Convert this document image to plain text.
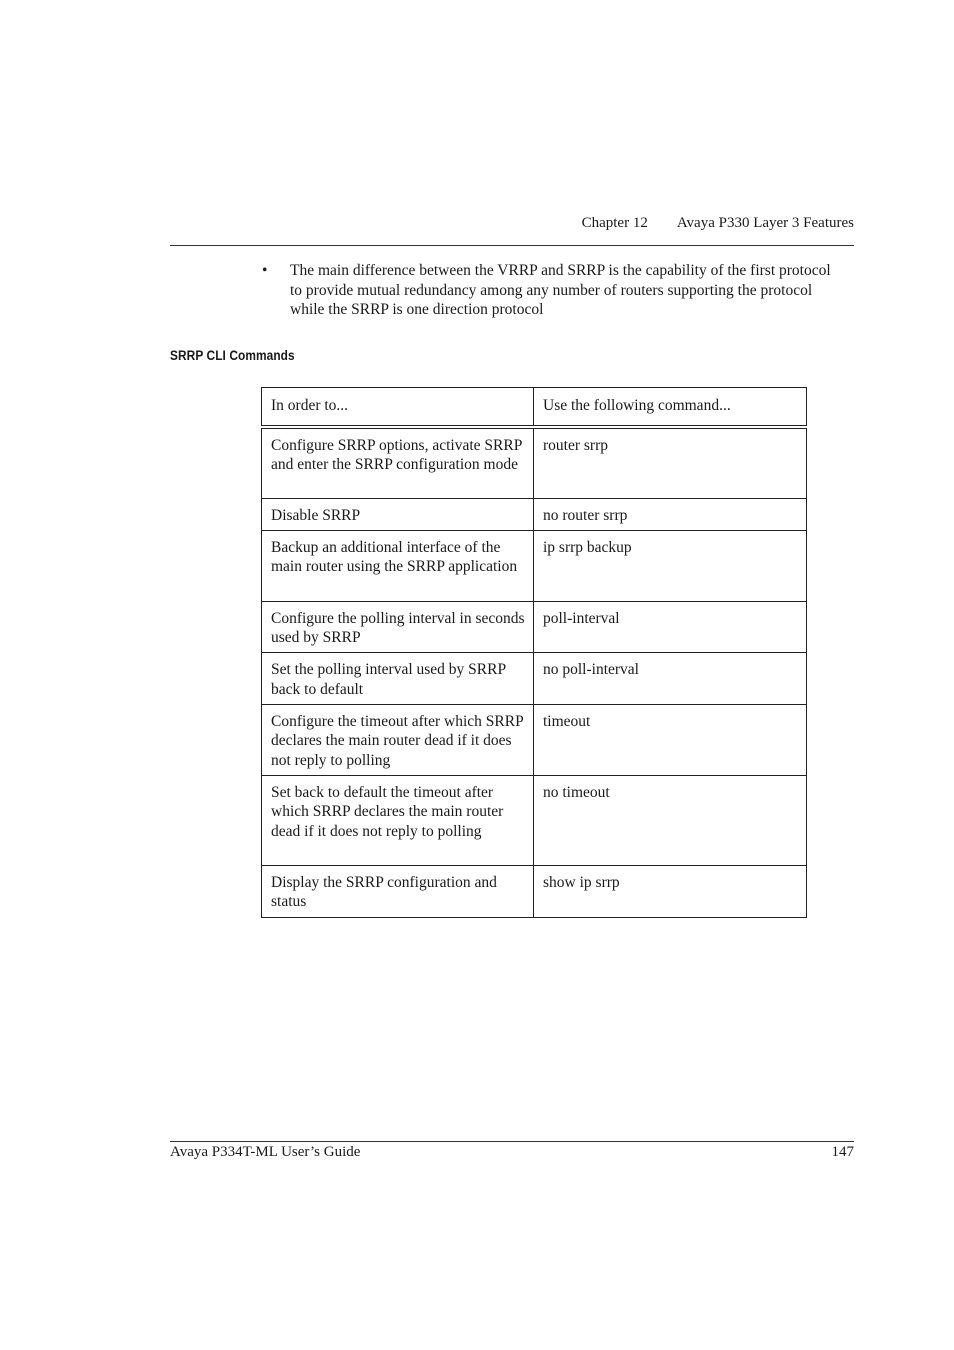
Chapter 12 Avaya P330 Layer 3 Features
•	The main difference between the VRRP and SRRP is the capability of the first protocol to provide mutual redundancy among any number of routers supporting the protocol while the SRRP is one direction protocol
SRRP CLI Commands
In order to...	Use the following command...
Configure SRRP options, activate SRRP and enter the SRRP configuration mode	router srrp
Disable SRRP	no router srrp
Backup an additional interface of the main router using the SRRP application	ip srrp backup
Configure the polling interval in seconds used by SRRP	poll-interval
Set the polling interval used by SRRP back to default	no poll-interval
Configure the timeout after which SRRP declares the main router dead if it does not reply to polling	timeout
Set back to default the timeout after which SRRP declares the main router dead if it does not reply to polling	no timeout
Display the SRRP configuration and status	show ip srrp
Avaya P334T-ML User’s Guide	147
